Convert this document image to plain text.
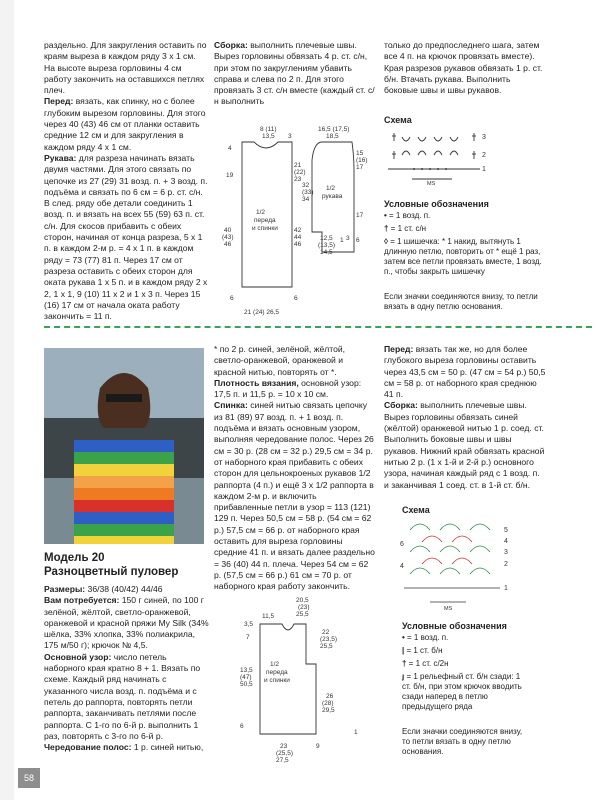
раздельно. Для закругления оставить по краям выреза в каждом ряду 3 х 1 см. На высоте выреза горловины 4 см работу закончить на оставшихся петлях плеч.

Перед: вязать, как спинку, но с более глубоким вырезом горловины. Для этого через 40 (43) 46 см от планки оставить средние 12 см и для закругления в каждом ряду 4 х 1 см.

Рукава: для разреза начинать вязать двумя частями. Для этого связать по цепочке из 27 (29) 31 возд. п. + 3 возд. п. подъёма и связать по 6 см = 6 р. ст. с/н. В след. ряду обе детали соединить 1 возд. п. и вязать на всех 55 (59) 63 п. ст. с/н. Для скосов прибавить с обеих сторон, начиная от конца разреза, 5 х 1 п. в каждом 2-м р. = 4 х 1 п. в каждом ряду = 73 (77) 81 п. Через 17 см от разреза оставить с обеих сторон для оката рукава 1 х 5 п. и в каждом ряду 2 х 2, 1 х 1, 9 (10) 11 х 2 и 1 х 3 п. Через 15 (16) 17 см от начала оката работу закончить = 11 п.

Сборка: выполнить плечевые швы. Вырез горловины обвязать 4 р. ст. с/н, при этом по закруглениям убавить справа и слева по 2 п. Для этого провязать 3 ст. с/н вместе (каждый ст. с/н выполнить

только до предпоследнего шага, затем все 4 п. на крючок провязать вместе). Края разрезов рукавов обвязать 1 р. ст. б/н. Втачать рукава. Выполнить боковые швы и швы рукавов.

Схема
3
2
1
MS
Условные обозначения
• = 1 возд. п.
† = 1 ст. с/н
◊ = 1 шишечка: * 1 накид, вытянуть 1 длинную петлю, повторить от * ещё 1 раз, затем все петли провязать вместе, 1 возд. п., чтобы закрыть шишечку
Если значки соединяются внизу, то петли вязать в одну петлю основания.
8 (11)
13,5 3
4
19
21
(22)
23
40
(43)
46
42
44
46
1/2
переда
и спинки
6	6
21 (24) 26,5
16,5 (17,5)
18,5
15
(16)
17
32
(33)
34
1/2
рукава
17
6
12,5
(13,5)
14,5
1 3
Модель 20
Разноцветный пуловер

Размеры: 36/38 (40/42) 44/46

Вам потребуется: 150 г синей, по 100 г зелёной, жёлтой, светло-оранжевой, оранжевой и красной пряжи My Silk (34% шёлка, 33% хлопка, 33% полиакрила, 175 м/50 г); крючок № 4,5.

Основной узор: число петель наборного края кратно 8 + 1. Вязать по схеме. Каждый ряд начинать с указанного числа возд. п. подъёма и с петель до раппорта, повторять петли раппорта, заканчивать петлями после раппорта. С 1-го по 6-й р. выполнить 1 раз, повторять с 3-го по 6-й р.

Чередование полос: 1 р. синей нитью,

* по 2 р. синей, зелёной, жёлтой, светло-оранжевой, оранжевой и красной нитью, повторять от *.

Плотность вязания, основной узор: 17,5 п. и 11,5 р. = 10 х 10 см.

Спинка: синей нитью связать цепочку из 81 (89) 97 возд. п. + 1 возд. п. подъёма и вязать основным узором, выполняя чередование полос. Через 26 см = 30 р. (28 см = 32 р.) 29,5 см = 34 р. от наборного края прибавить с обеих сторон для цельнокроеных рукавов 1/2 раппорта (4 п.) и ещё 3 х 1/2 раппорта в каждом 2-м р. и включить прибавленные петли в узор = 113 (121) 129 п. Через 50,5 см = 58 р. (54 см = 62 р.) 57,5 см = 66 р. от наборного края оставить для выреза горловины средние 41 п. и вязать далее раздельно = 36 (40) 44 п. плеча. Через 54 см = 62 р. (57,5 см = 66 р.) 61 см = 70 р. от наборного края работу закончить.

Перед: вязать так же, но для более глубокого выреза горловины оставить через 43,5 см = 50 р. (47 см = 54 р.) 50,5 см = 58 р. от наборного края среднюю 41 п.

Сборка: выполнить плечевые швы. Вырез горловины обвязать синей (жёлтой) оранжевой нитью 1 р. соед. ст. Выполнить боковые швы и швы рукавов. Нижний край обвязать красной нитью 2 р. (1 х 1-й и 2-й р.) основного узора, начиная каждый ряд с 1 возд. п. и заканчивая 1 соед. ст. в 1-й ст. б/н.

Схема
5
4
3
2
1
6
4
MS
Условные обозначения
• = 1 возд. п.
| = 1 ст. б/н
† = 1 ст. с/2н
ȷ = 1 рельефный ст. б/н сзади: 1 ст. б/н, при этом крючок вводить сзади наперед в петлю предыдущего ряда
Если значки соединяются внизу, то петли вязать в одну петлю основания.
20,5
(23)
25,5
11,5
3,5
7
22
(23,5)
25,5
1/2
переда
и спинки
13,5
(47)
50,5
26
(28)
29,5
6
23
(25,5)
27,5
9
1
58
